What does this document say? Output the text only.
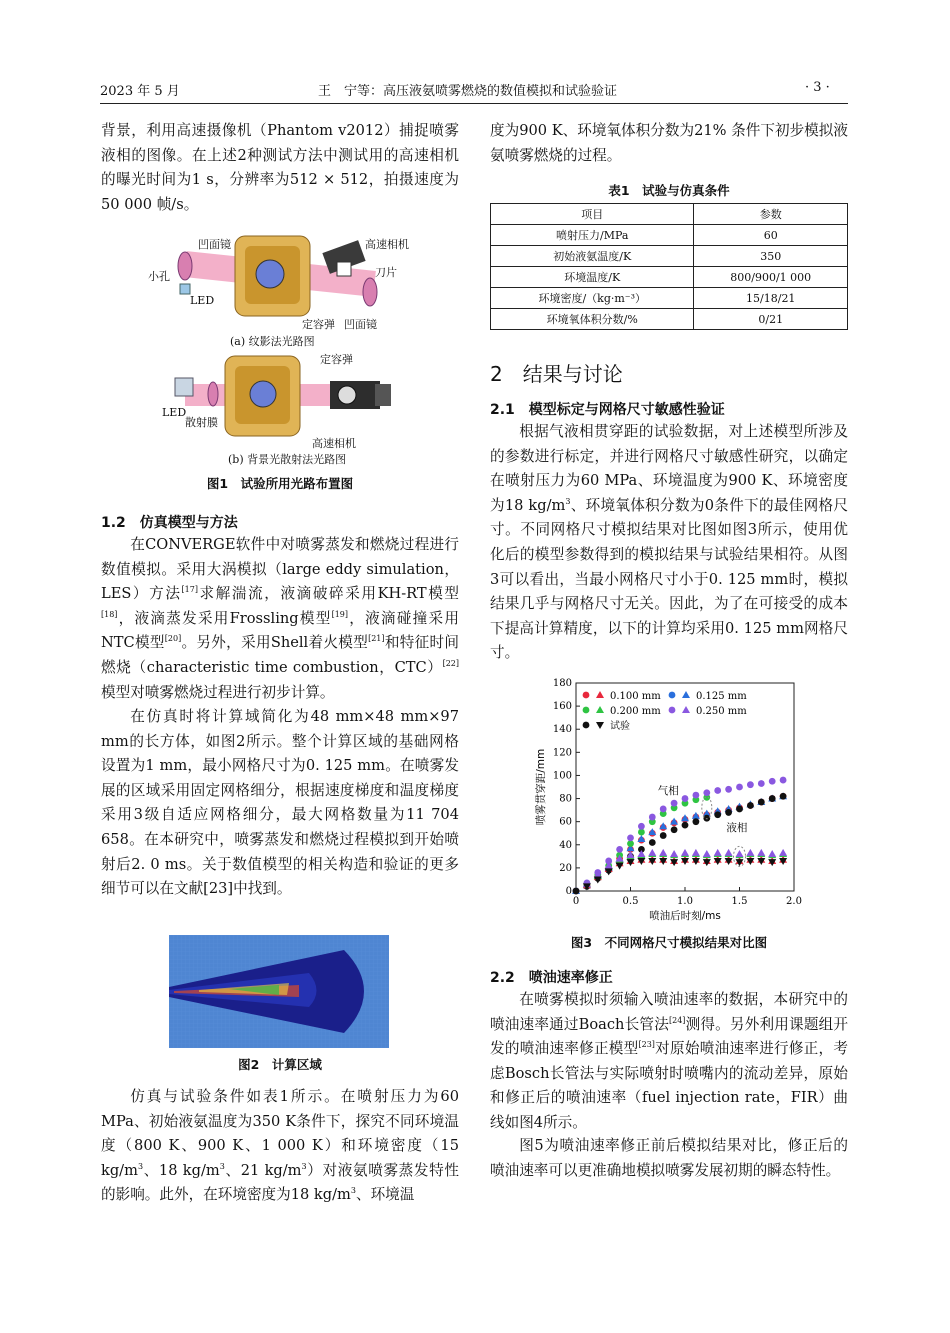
2023 年 5 月	王　宁等：高压液氨喷雾燃烧的数值模拟和试验验证	· 3 ·

背景，利用高速摄像机（Phantom v2012）捕捉喷雾液相的图像。在上述2种测试方法中测试用的高速相机的曝光时间为1 s，分辨率为512 × 512，拍摄速度为50 000 帧/s。

凹面镜	高速相机
小孔	刀片
LED
定容弹 凹面镜
(a) 纹影法光路图
定容弹
LED
散射膜
高速相机
(b) 背景光散射法光路图
图1　试验所用光路布置图
1.2　仿真模型与方法
在CONVERGE软件中对喷雾蒸发和燃烧过程进行数值模拟。采用大涡模拟（large eddy simulation，LES）方法[17]求解湍流，液滴破碎采用KH-RT模型[18]，液滴蒸发采用Frossling模型[19]，液滴碰撞采用NTC模型[20]。另外，采用Shell着火模型[21]和特征时间燃烧（characteristic time combustion，CTC）[22]模型对喷雾燃烧过程进行初步计算。
在仿真时将计算域简化为48 mm×48 mm×97 mm的长方体，如图2所示。整个计算区域的基础网格设置为1 mm，最小网格尺寸为0. 125 mm。在喷雾发展的区域采用固定网格细分，根据速度梯度和温度梯度采用3级自适应网格细分，最大网格数量为11 704 658。在本研究中，喷雾蒸发和燃烧过程模拟到开始喷射后2. 0 ms。关于数值模型的相关构造和验证的更多细节可以在文献[23]中找到。
图2　计算区域
仿真与试验条件如表1所示。在喷射压力为60 MPa、初始液氨温度为350 K条件下，探究不同环境温度（800 K、900 K、1 000 K）和环境密度（15 $kg/m^3$、18 $kg/m^3$、21 $kg/m^3$）对液氨喷雾蒸发特性的影响。此外，在环境密度为18 $kg/m^3$、环境温

度为900 K、环境氧体积分数为21% 条件下初步模拟液氨喷雾燃烧的过程。

表1　试验与仿真条件
项目	参数
喷射压力/MPa	60
初始液氨温度/K	350
环境温度/K	800/900/1 000
环境密度/（kg·m⁻³）	15/18/21
环境氧体积分数/%	0/21
2　结果与讨论
2.1　模型标定与网格尺寸敏感性验证
根据气液相贯穿距的试验数据，对上述模型所涉及的参数进行标定，并进行网格尺寸敏感性研究，以确定在喷射压力为60 MPa、环境温度为900 K、环境密度为18 $kg/m^3$、环境氧体积分数为0条件下的最佳网格尺寸。不同网格尺寸模拟结果对比图如图3所示，使用优化后的模型参数得到的模拟结果与试验结果相符。从图3可以看出，当最小网格尺寸小于0. 125 mm时，模拟结果几乎与网格尺寸无关。因此，为了在可接受的成本下提高计算精度，以下的计算均采用0. 125 mm网格尺寸。
0
20
40
60
80
100
120
140
160
180
0	0.5	1.0	1.5	2.0
喷油后时刻/ms
喷雾贯穿距/mm
0.100 mm	0.125 mm
0.200 mm	0.250 mm
试验
气相
液相
图3　不同网格尺寸模拟结果对比图
2.2　喷油速率修正
在喷雾模拟时须输入喷油速率的数据，本研究中的喷油速率通过Boach长管法[24]测得。另外利用课题组开发的喷油速率修正模型[23]对原始喷油速率进行修正，考虑Bosch长管法与实际喷射时喷嘴内的流动差异，原始和修正后的喷油速率（fuel injection rate，FIR）曲线如图4所示。
图5为喷油速率修正前后模拟结果对比，修正后的喷油速率可以更准确地模拟喷雾发展初期的瞬态特性。
